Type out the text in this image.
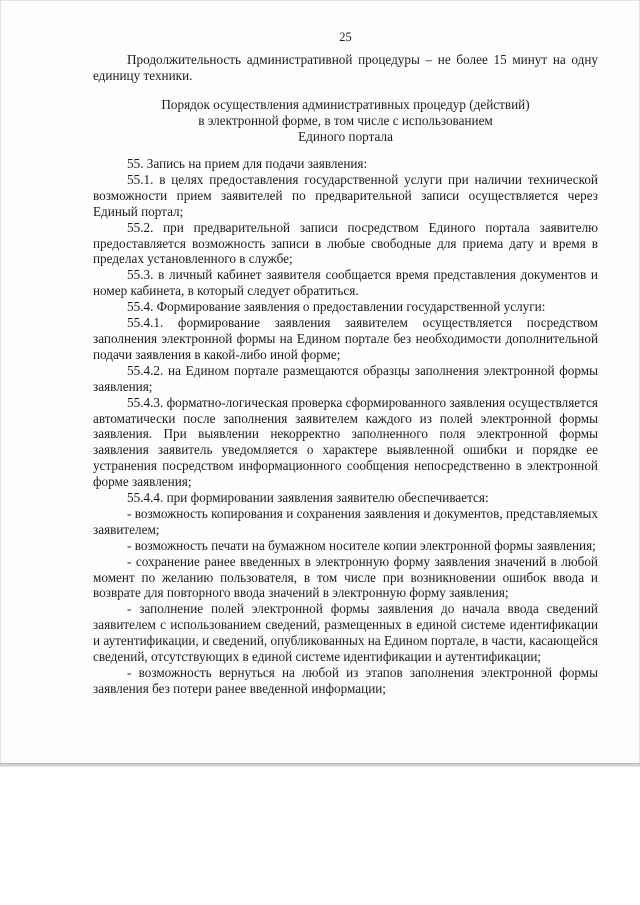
25

Продолжительность административной процедуры – не более 15 минут на одну единицу техники.

Порядок осуществления административных процедур (действий)
в электронной форме, в том числе с использованием
Единого портала

55. Запись на прием для подачи заявления:

55.1. в целях предоставления государственной услуги при наличии технической возможности прием заявителей по предварительной записи осуществляется через Единый портал;

55.2. при предварительной записи посредством Единого портала заявителю предоставляется возможность записи в любые свободные для приема дату и время в пределах установленного в службе;

55.3. в личный кабинет заявителя сообщается время представления документов и номер кабинета, в который следует обратиться.

55.4. Формирование заявления о предоставлении государственной услуги:

55.4.1. формирование заявления заявителем осуществляется посредством заполнения электронной формы на Едином портале без необходимости дополнительной подачи заявления в какой-либо иной форме;

55.4.2. на Едином портале размещаются образцы заполнения электронной формы заявления;

55.4.3. форматно-логическая проверка сформированного заявления осуществляется автоматически после заполнения заявителем каждого из полей электронной формы заявления. При выявлении некорректно заполненного поля электронной формы заявления заявитель уведомляется о характере выявленной ошибки и порядке ее устранения посредством информационного сообщения непосредственно в электронной форме заявления;

55.4.4. при формировании заявления заявителю обеспечивается:

- возможность копирования и сохранения заявления и документов, представляемых заявителем;

- возможность печати на бумажном носителе копии электронной формы заявления;

- сохранение ранее введенных в электронную форму заявления значений в любой момент по желанию пользователя, в том числе при возникновении ошибок ввода и возврате для повторного ввода значений в электронную форму заявления;

- заполнение полей электронной формы заявления до начала ввода сведений заявителем с использованием сведений, размещенных в единой системе идентификации и аутентификации, и сведений, опубликованных на Едином портале, в части, касающейся сведений, отсутствующих в единой системе идентификации и аутентификации;

- возможность вернуться на любой из этапов заполнения электронной формы заявления без потери ранее введенной информации;
